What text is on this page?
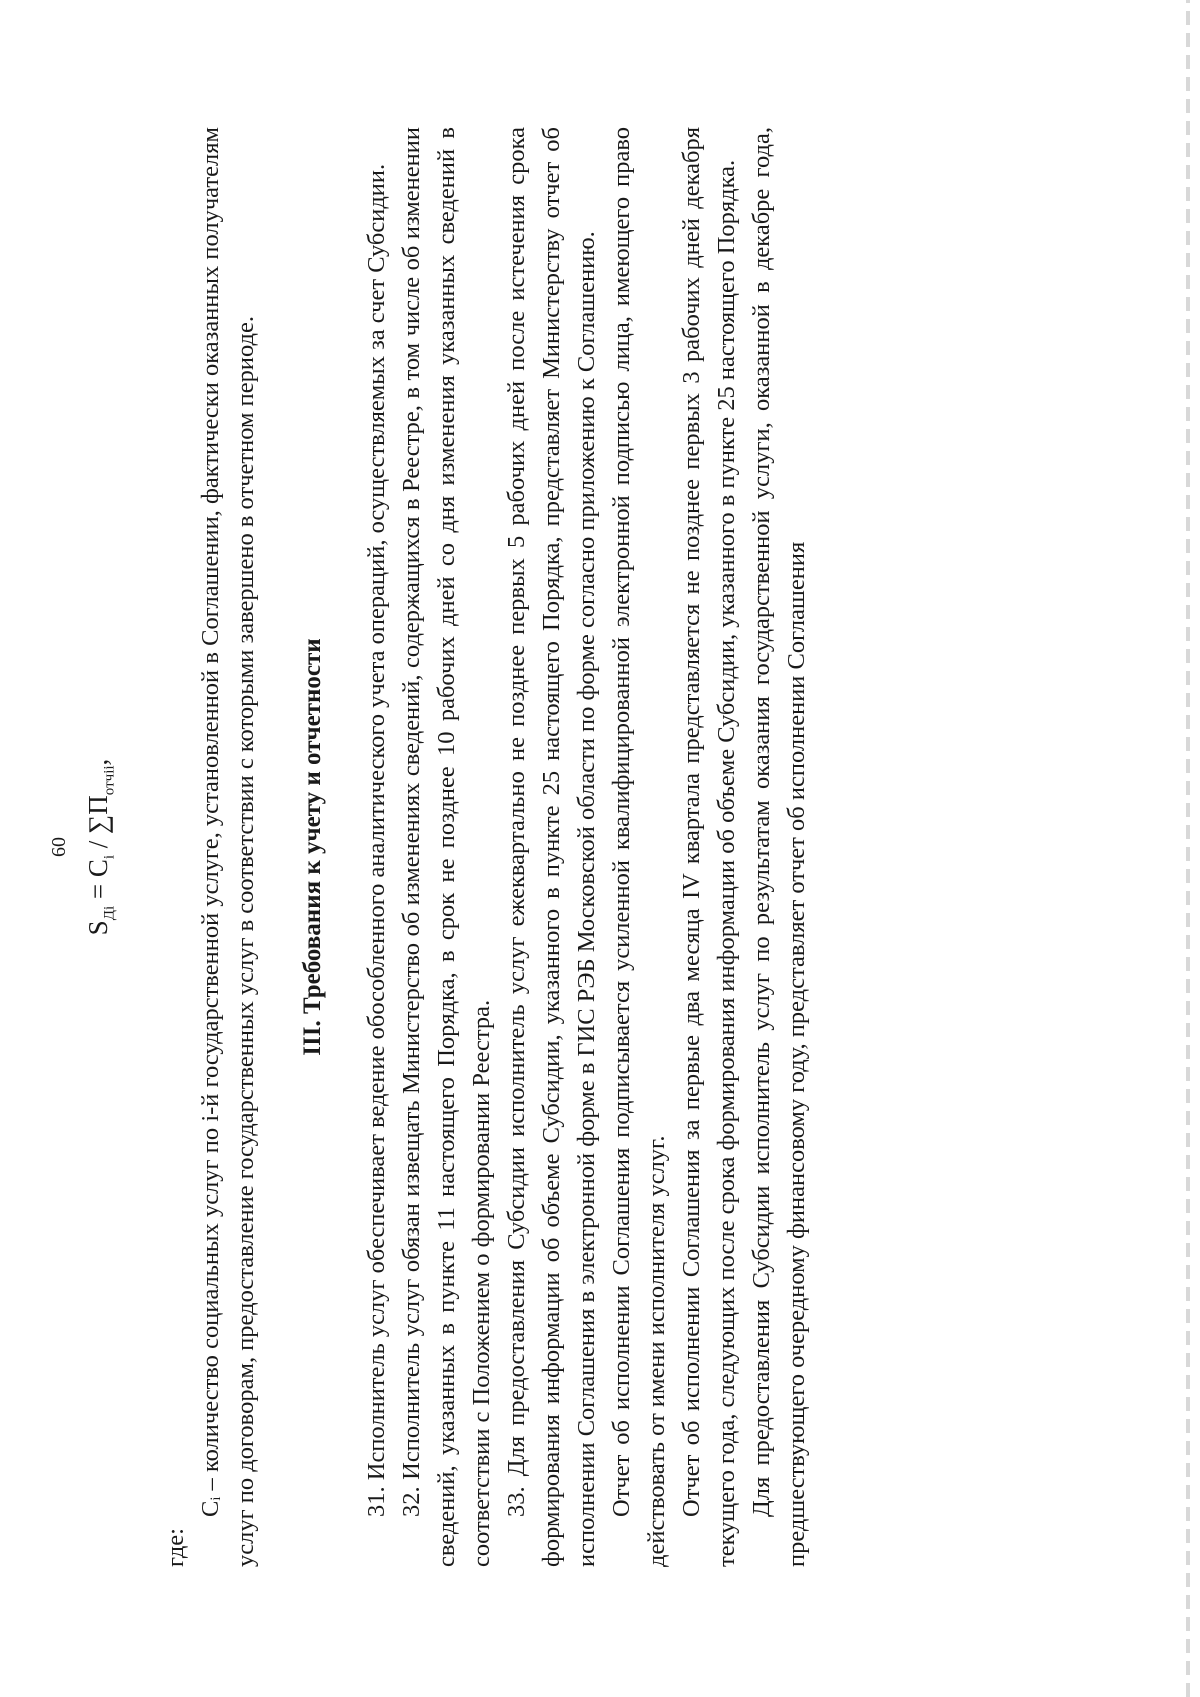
60
$S_{Дi} = C_i / \sum П_{отчii}$,

где:

Cᵢ – количество социальных услуг по i-й государственной услуге, установленной в Соглашении, фактически оказанных получателям услуг по договорам, предоставление государственных услуг в соответствии с которыми завершено в отчетном периоде. III. Требования к учету и отчетности 31. Исполнитель услуг обеспечивает ведение обособленного аналитического учета операций, осуществляемых за счет Субсидии. 32. Исполнитель услуг обязан извещать Министерство об изменениях сведений, содержащихся в Реестре, в том числе об изменении сведений, указанных в пункте 11 настоящего Порядка, в срок не позднее 10 рабочих дней со дня изменения указанных сведений в соответствии с Положением о формировании Реестра. 33. Для предоставления Субсидии исполнитель услуг ежеквартально не позднее первых 5 рабочих дней после истечения срока формирования информации об объеме Субсидии, указанного в пункте 25 настоящего Порядка, представляет Министерству отчет об исполнении Соглашения в электронной форме в ГИС РЭБ Московской области по форме согласно приложению к Соглашению. Отчет об исполнении Соглашения подписывается усиленной квалифицированной электронной подписью лица, имеющего право действовать от имени исполнителя услуг. Отчет об исполнении Соглашения за первые два месяца IV квартала представляется не позднее первых 3 рабочих дней декабря текущего года, следующих после срока формирования информации об объеме Субсидии, указанного в пункте 25 настоящего Порядка. Для предоставления Субсидии исполнитель услуг по результатам оказания государственной услуги, оказанной в декабре года, предшествующего очередному финансовому году, представляет отчет об исполнении Соглашения
